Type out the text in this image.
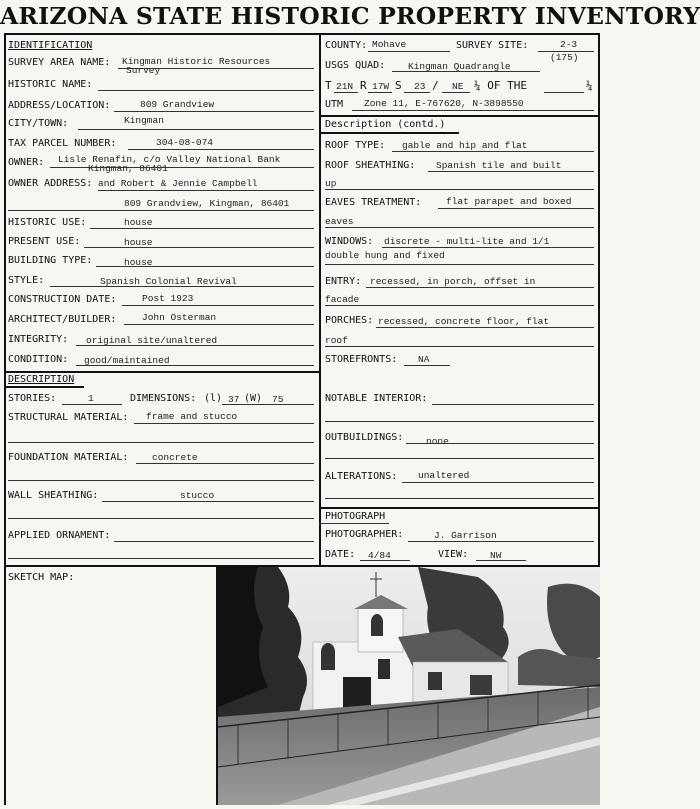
ARIZONA STATE HISTORIC PROPERTY INVENTORY
IDENTIFICATION
SURVEY AREA NAME: Kingman Historic Resources
Survey
HISTORIC NAME:
ADDRESS/LOCATION:	809 Grandview
CITY/TOWN:	Kingman
TAX PARCEL NUMBER:	304-08-074
OWNER: Lisle Renafin, c/o Valley National Bank
Kingman, 86401
OWNER ADDRESS: and Robert & Jennie Campbell
809 Grandview, Kingman, 86401
HISTORIC USE:	house
PRESENT USE:	house
BUILDING TYPE:	house
STYLE:	Spanish Colonial Revival
CONSTRUCTION DATE:	Post 1923
ARCHITECT/BUILDER:	John Osterman
INTEGRITY: original site/unaltered
CONDITION: good/maintained
DESCRIPTION
STORIES:	1	DIMENSIONS: (l) 37 (W) 75
STRUCTURAL MATERIAL: frame and stucco
FOUNDATION MATERIAL: concrete
WALL SHEATHING:	stucco
APPLIED ORNAMENT:
COUNTY: Mohave	SURVEY SITE:	2-3
(175)
USGS QUAD: Kingman Quadrangle
T 21N R 17W S 23 / NE ¼ OF THE	¼
UTM Zone 11, E-767620, N-3898550
Description (contd.)
ROOF TYPE: gable and hip and flat
ROOF SHEATHING: Spanish tile and built
up
EAVES TREATMENT:	flat parapet and boxed
eaves
WINDOWS: discrete - multi-lite and 1/1
double hung and fixed
ENTRY: recessed, in porch, offset in
facade
PORCHES: recessed, concrete floor, flat
roof
STOREFRONTS: NA
NOTABLE INTERIOR:
OUTBUILDINGS: none
ALTERATIONS: unaltered
PHOTOGRAPH
PHOTOGRAPHER:	J. Garrison
DATE: 4/84	VIEW: NW
SKETCH MAP:
